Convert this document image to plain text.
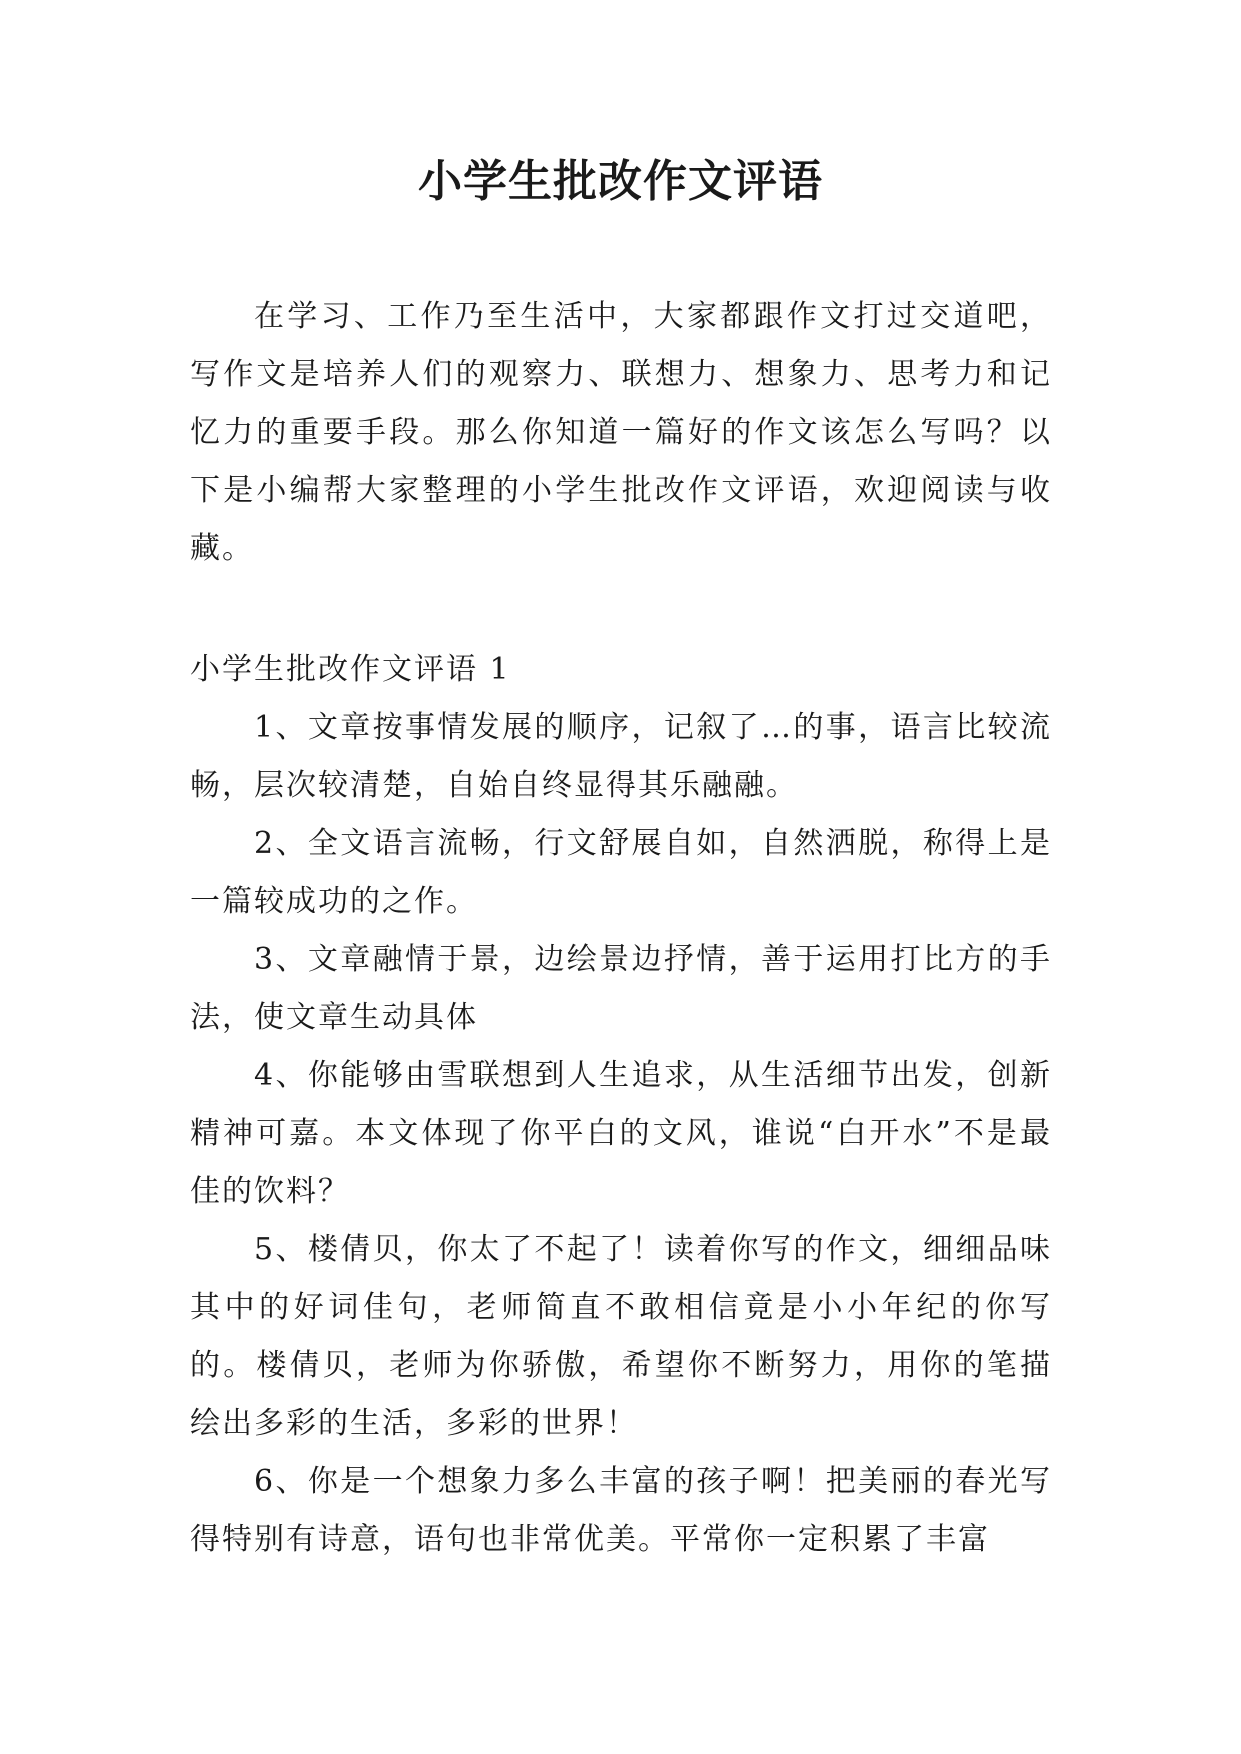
小学生批改作文评语

在学习、工作乃至生活中，大家都跟作文打过交道吧，写作文是培养人们的观察力、联想力、想象力、思考力和记忆力的重要手段。那么你知道一篇好的作文该怎么写吗？以下是小编帮大家整理的小学生批改作文评语，欢迎阅读与收藏。

小学生批改作文评语 1

1、文章按事情发展的顺序，记叙了…的事，语言比较流畅，层次较清楚，自始自终显得其乐融融。
2、全文语言流畅，行文舒展自如，自然洒脱，称得上是一篇较成功的之作。
3、文章融情于景，边绘景边抒情，善于运用打比方的手法，使文章生动具体
4、你能够由雪联想到人生追求，从生活细节出发，创新精神可嘉。本文体现了你平白的文风，谁说“白开水”不是最佳的饮料？
5、楼倩贝，你太了不起了！读着你写的作文，细细品味其中的好词佳句，老师简直不敢相信竟是小小年纪的你写的。楼倩贝，老师为你骄傲，希望你不断努力，用你的笔描绘出多彩的生活，多彩的世界！
6、你是一个想象力多么丰富的孩子啊！把美丽的春光写得特别有诗意，语句也非常优美。平常你一定积累了丰富
